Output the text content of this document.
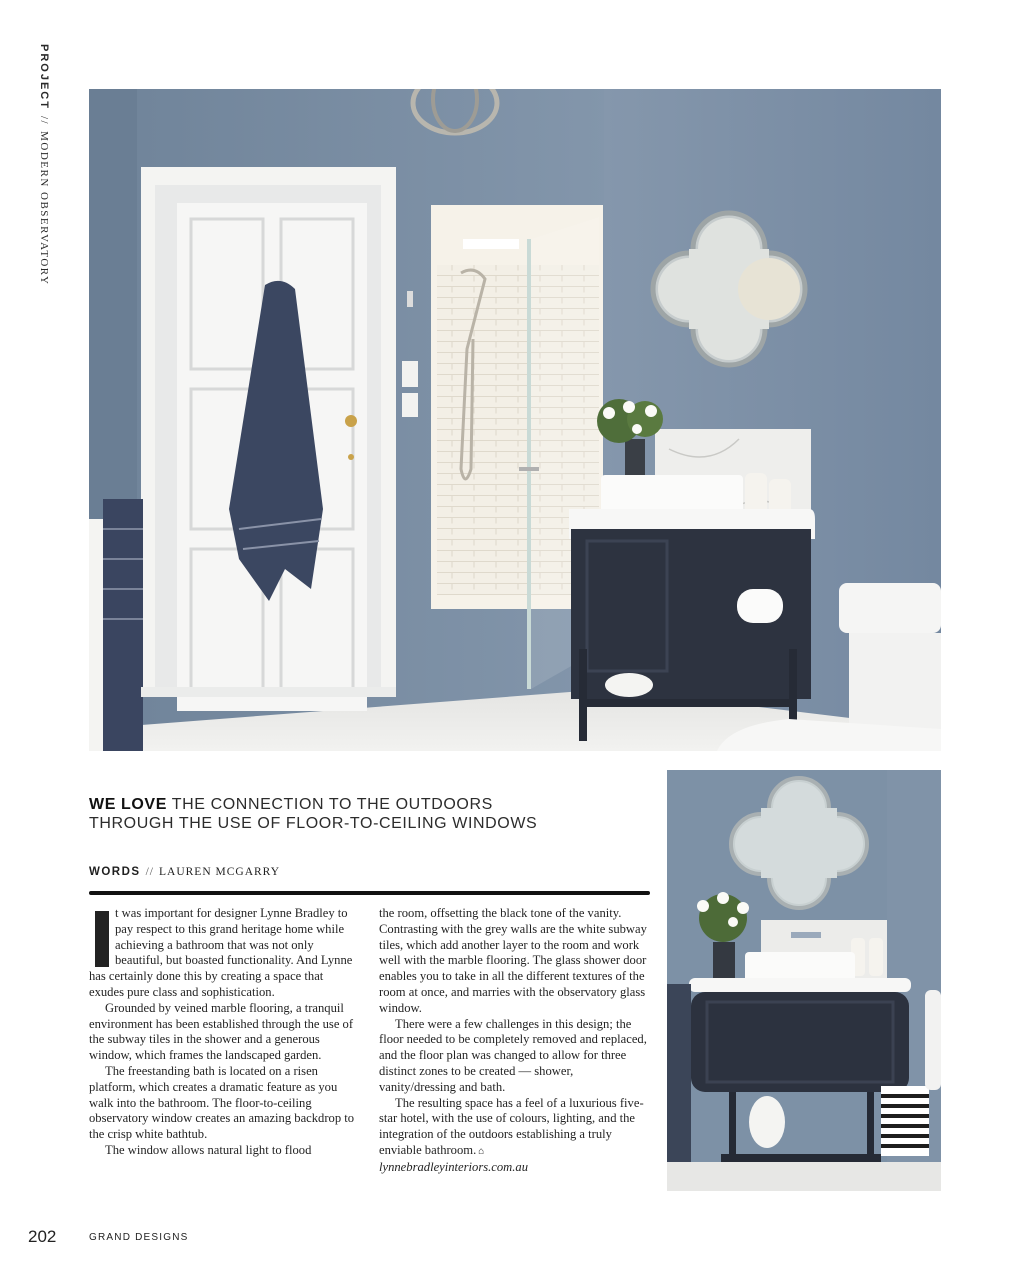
PROJECT//MODERN OBSERVATORY
WE LOVE THE CONNECTION TO THE OUTDOORS
THROUGH THE USE OF FLOOR-TO-CEILING WINDOWS
WORDS // LAUREN MCGARRY

t was important for designer Lynne Bradley to pay respect to this grand heritage home while achieving a bathroom that was not only beautiful, but boasted functionality. And Lynne has certainly done this by creating a space that exudes pure class and sophistication.

Grounded by veined marble flooring, a tranquil environment has been established through the use of the subway tiles in the shower and a generous window, which frames the landscaped garden.

The freestanding bath is located on a risen platform, which creates a dramatic feature as you walk into the bathroom. The floor-to-ceiling observatory window creates an amazing backdrop to the crisp white bathtub.

The window allows natural light to flood

the room, offsetting the black tone of the vanity. Contrasting with the grey walls are the white subway tiles, which add another layer to the room and work well with the marble flooring. The glass shower door enables you to take in all the different textures of the room at once, and marries with the observatory glass window.

There were a few challenges in this design; the floor needed to be completely removed and replaced, and the floor plan was changed to allow for three distinct zones to be created — shower, vanity/dressing and bath.

The resulting space has a feel of a luxurious five-star hotel, with the use of colours, lighting, and the integration of the outdoors establishing a truly enviable bathroom. ⌂

lynnebradleyinteriors.com.au

202	GRAND DESIGNS
